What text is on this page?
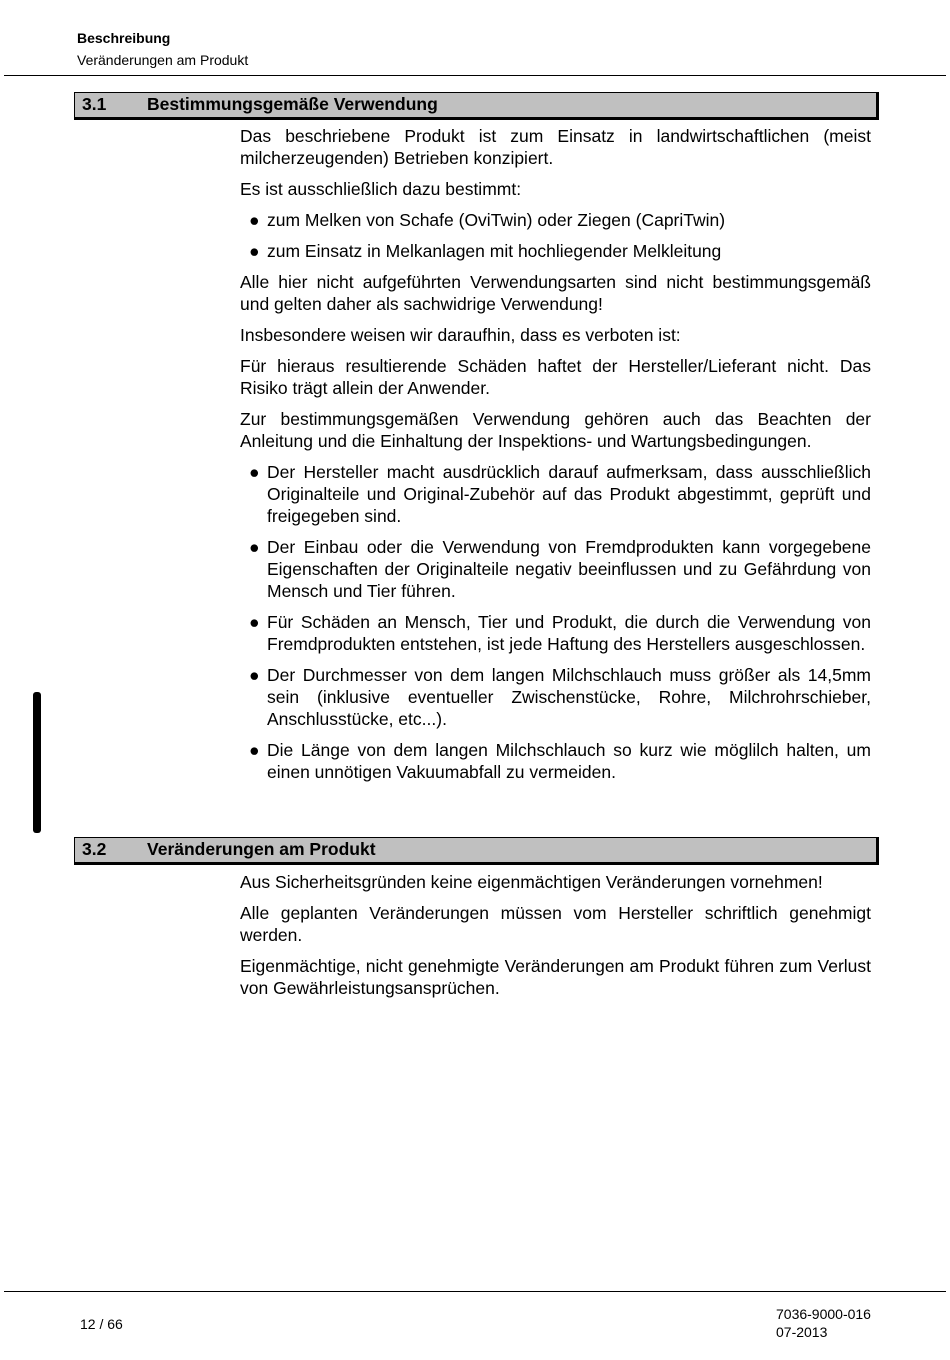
Beschreibung
Veränderungen am Produkt
3.1 Bestimmungsgemäße Verwendung

Das beschriebene Produkt ist zum Einsatz in landwirtschaftlichen (meist milcherzeugenden) Betrieben konzipiert.

Es ist ausschließlich dazu bestimmt:

● zum Melken von Schafe (OviTwin) oder Ziegen (CapriTwin)
● zum Einsatz in Melkanlagen mit hochliegender Melkleitung

Alle hier nicht aufgeführten Verwendungsarten sind nicht bestimmungsgemäß und gelten daher als sachwidrige Verwendung!

Insbesondere weisen wir daraufhin, dass es verboten ist:

Für hieraus resultierende Schäden haftet der Hersteller/Lieferant nicht. Das Risiko trägt allein der Anwender.

Zur bestimmungsgemäßen Verwendung gehören auch das Beachten der Anleitung und die Einhaltung der Inspektions- und Wartungsbedingungen.

● Der Hersteller macht ausdrücklich darauf aufmerksam, dass ausschließlich Originalteile und Original-Zubehör auf das Produkt abgestimmt, geprüft und freigegeben sind.
● Der Einbau oder die Verwendung von Fremdprodukten kann vorgegebene Eigenschaften der Originalteile negativ beeinflussen und zu Gefährdung von Mensch und Tier führen.
● Für Schäden an Mensch, Tier und Produkt, die durch die Verwendung von Fremdprodukten entstehen, ist jede Haftung des Herstellers ausgeschlossen.
● Der Durchmesser von dem langen Milchschlauch muss größer als 14,5mm sein (inklusive eventueller Zwischenstücke, Rohre, Milchrohrschieber, Anschlusstücke, etc...).
● Die Länge von dem langen Milchschlauch so kurz wie möglilch halten, um einen unnötigen Vakuumabfall zu vermeiden.
3.2 Veränderungen am Produkt

Aus Sicherheitsgründen keine eigenmächtigen Veränderungen vornehmen!

Alle geplanten Veränderungen müssen vom Hersteller schriftlich genehmigt werden.

Eigenmächtige, nicht genehmigte Veränderungen am Produkt führen zum Verlust von Gewährleistungsansprüchen.

12 / 66
7036-9000-016
07-2013
